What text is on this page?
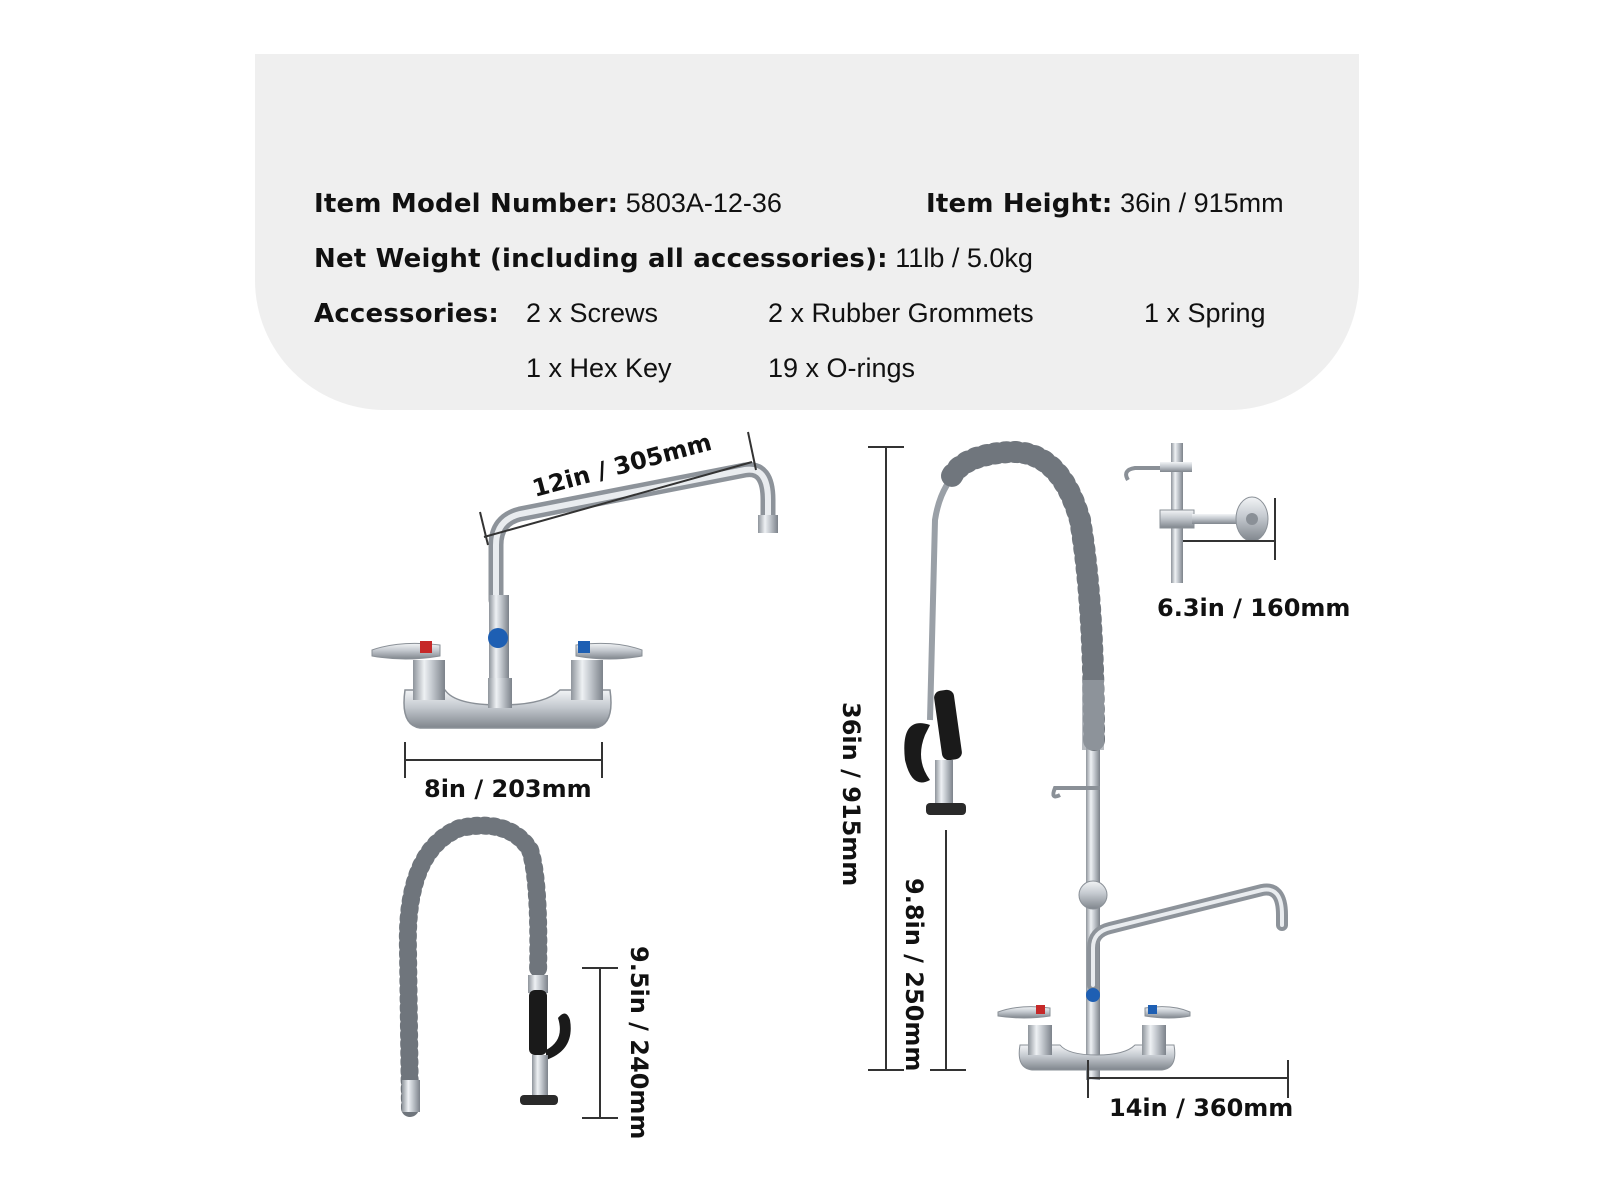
Item Model Number: 5803A-12-36	Item Height: 36in / 915mm
Net Weight (including all accessories): 11lb / 5.0kg
Accessories: 2 x Screws	2 x Rubber Grommets	1 x Spring
1 x Hex Key	19 x O-rings
12in / 305mm
8in / 203mm
9.5in / 240mm
6.3in / 160mm
36in / 915mm
9.8in / 250mm
14in / 360mm
